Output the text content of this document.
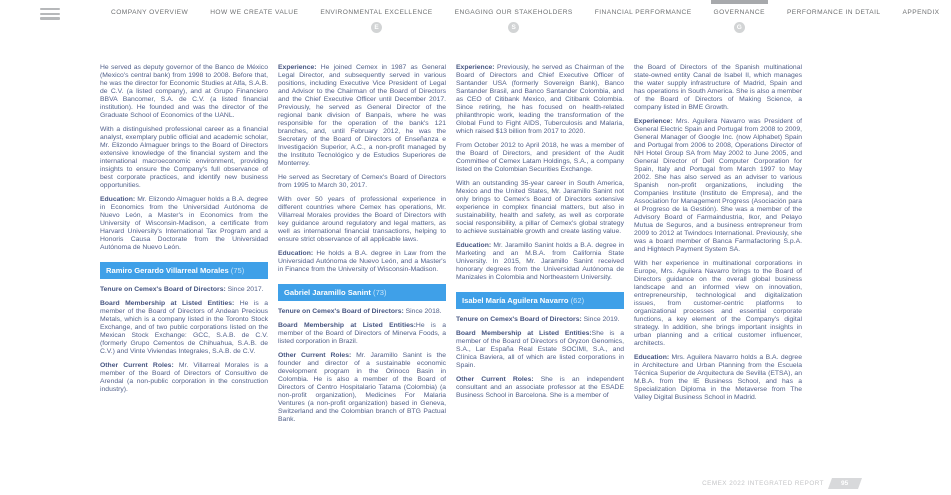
COMPANY OVERVIEW	HOW WE CREATE VALUE	ENVIRONMENTAL EXCELLENCE
E
ENGAGING OUR STAKEHOLDERS
S
FINANCIAL PERFORMANCE	GOVERNANCE
G
PERFORMANCE IN DETAIL	APPENDIX

He served as deputy governor of the Banco de México (Mexico's central bank) from 1998 to 2008. Before that, he was the director for Economic Studies at Alfa, S.A.B. de C.V. (a listed company), and at Grupo Financiero BBVA Bancomer, S.A. de C.V. (a listed financial institution). He founded and was the director of the Graduate School of Economics of the UANL.

With a distinguished professional career as a financial analyst, exemplary public official and academic scholar, Mr. Elizondo Almaguer brings to the Board of Directors extensive knowledge of the financial system and the international macroeconomic environment, providing insights to ensure the Company's full observance of best corporate practices, and identify new business opportunities.

Education: Mr. Elizondo Almaguer holds a B.A. degree in Economics from the Universidad Autónoma de Nuevo León, a Master's in Economics from the University of Wisconsin-Madison, a certificate from Harvard University's International Tax Program and a Honoris Causa Doctorate from the Universidad Autónoma de Nuevo León.

Ramiro Gerardo Villarreal Morales (75)

Tenure on Cemex's Board of Directors: Since 2017.

Board Membership at Listed Entities: He is a member of the Board of Directors of Andean Precious Metals, which is a company listed in the Toronto Stock Exchange, and of two public corporations listed on the Mexican Stock Exchange: GCC, S.A.B. de C.V. (formerly Grupo Cementos de Chihuahua, S.A.B. de C.V.) and Vinte Viviendas Integrales, S.A.B. de C.V.

Other Current Roles: Mr. Villarreal Morales is a member of the Board of Directors of Consultivo de Arendal (a non-public corporation in the construction industry).

Experience: He joined Cemex in 1987 as General Legal Director, and subsequently served in various positions, including Executive Vice President of Legal and Advisor to the Chairman of the Board of Directors and the Chief Executive Officer until December 2017. Previously, he served as General Director of the regional bank division of Banpaís, where he was responsible for the operation of the bank's 121 branches, and, until February 2012, he was the Secretary of the Board of Directors of Enseñanza e Investigación Superior, A.C., a non-profit managed by the Instituto Tecnológico y de Estudios Superiores de Monterrey.

He served as Secretary of Cemex's Board of Directors from 1995 to March 30, 2017.

With over 50 years of professional experience in different countries where Cemex has operations, Mr. Villarreal Morales provides the Board of Directors with key guidance around regulatory and legal matters, as well as international financial transactions, helping to ensure strict observance of all applicable laws.

Education: He holds a B.A. degree in Law from the Universidad Autónoma de Nuevo León, and a Master's in Finance from the University of Wisconsin-Madison.

Gabriel Jaramillo Sanint (73)

Tenure on Cemex's Board of Directors: Since 2018.

Board Membership at Listed Entities:He is a member of the Board of Directors of Minerva Foods, a listed corporation in Brazil.

Other Current Roles: Mr. Jaramillo Sanint is the founder and director of a sustainable economic development program in the Orinoco Basin in Colombia. He is also a member of the Board of Directors of Centro Hospitalario Tatama (Colombia) (a non-profit organization), Medicines For Malaria Ventures (a non-profit organization) based in Geneva, Switzerland and the Colombian branch of BTG Pactual Bank.

Experience: Previously, he served as Chairman of the Board of Directors and Chief Executive Officer of Santander USA (formerly Sovereign Bank), Banco Santander Brasil, and Banco Santander Colombia, and as CEO of Citibank Mexico, and Citibank Colombia. Since retiring, he has focused on health-related philanthropic work, leading the transformation of the Global Fund to Fight AIDS, Tuberculosis and Malaria, which raised $13 billion from 2017 to 2020.

From October 2012 to April 2018, he was a member of the Board of Directors, and president of the Audit Committee of Cemex Latam Holdings, S.A., a company listed on the Colombian Securities Exchange.

With an outstanding 35-year career in South America, Mexico and the United States, Mr. Jaramillo Sanint not only brings to Cemex's Board of Directors extensive experience in complex financial matters, but also in sustainability, health and safety, as well as corporate social responsibility, a pillar of Cemex's global strategy to achieve sustainable growth and create lasting value.

Education: Mr. Jaramillo Sanint holds a B.A. degree in Marketing and an M.B.A. from California State University. In 2015, Mr. Jaramillo Sanint received honorary degrees from the Universidad Autónoma de Manizales in Colombia and Northeastern University.

Isabel María Aguilera Navarro (62)

Tenure on Cemex's Board of Directors: Since 2019.

Board Membership at Listed Entities:She is a member of the Board of Directors of Oryzon Genomics, S.A., Lar España Real Estate SOCIMI, S.A., and Clínica Baviera, all of which are listed corporations in Spain.

Other Current Roles: She is an independent consultant and an associate professor at the ESADE Business School in Barcelona. She is a member of

the Board of Directors of the Spanish multinational state-owned entity Canal de Isabel II, which manages the water supply infrastructure of Madrid, Spain and has operations in South America. She is also a member of the Board of Directors of Making Science, a company listed in BME Growth.

Experience: Mrs. Aguilera Navarro was President of General Electric Spain and Portugal from 2008 to 2009, General Manager of Google Inc. (now Alphabet) Spain and Portugal from 2006 to 2008, Operations Director of NH Hotel Group SA from May 2002 to June 2005, and General Director of Dell Computer Corporation for Spain, Italy and Portugal from March 1997 to May 2002. She has also served as an adviser to various Spanish non-profit organizations, including the Companies Institute (Instituto de Empresa), and the Association for Management Progress (Asociación para el Progreso de la Gestión). She was a member of the Advisory Board of Farmaindustria, Ikor, and Pelayo Mutua de Seguros, and a business entrepreneur from 2009 to 2012 at Twindocs International. Previously, she was a board member of Banca Farmafactoring S.p.A. and Hightech Payment System SA.

With her experience in multinational corporations in Europe, Mrs. Aguilera Navarro brings to the Board of Directors guidance on the overall global business landscape and an informed view on innovation, entrepreneurship, technological and digitalization issues, from customer-centric platforms to organizational processes and essential corporate functions, a key element of the Company's digital strategy. In addition, she brings important insights in urban planning and a critical customer influencer, architects.

Education: Mrs. Aguilera Navarro holds a B.A. degree in Architecture and Urban Planning from the Escuela Técnica Superior de Arquitectura de Sevilla (ETSA), an M.B.A. from the IE Business School, and has a Specialization Diploma in the Metaverse from The Valley Digital Business School in Madrid.

CEMEX 2022 INTEGRATED REPORT	95
